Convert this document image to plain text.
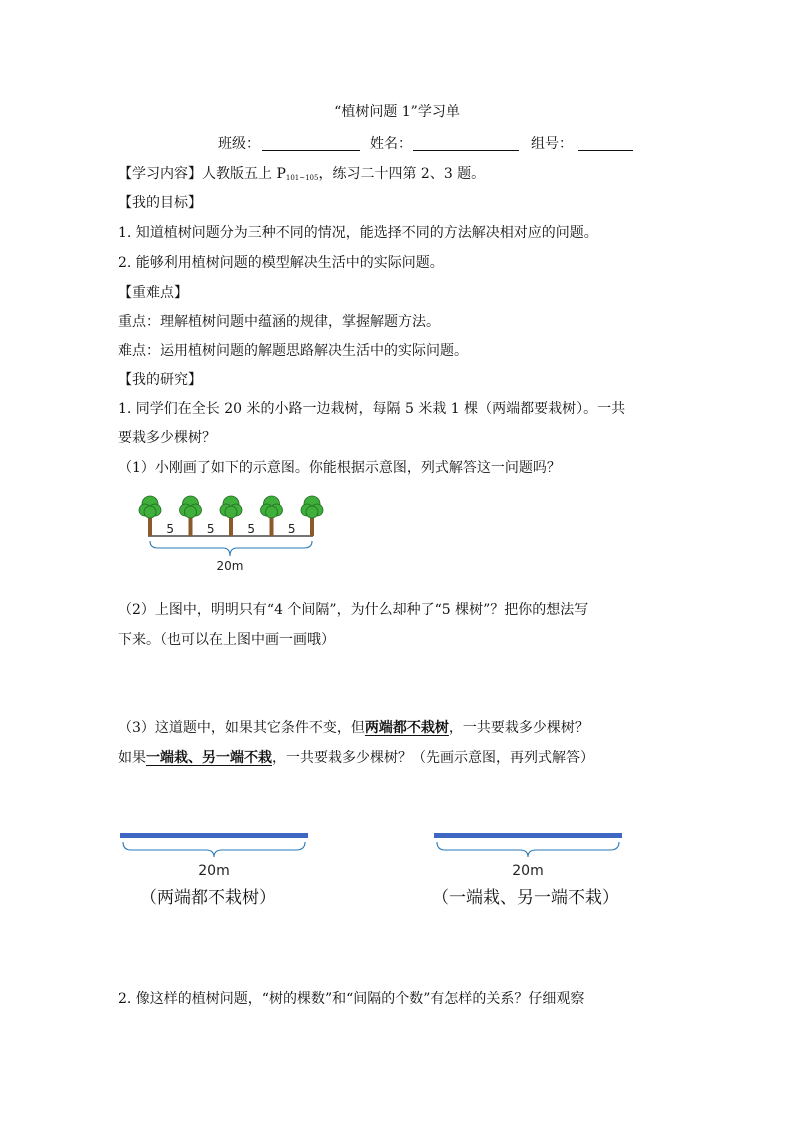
“植树问题 1”学习单
班级：	姓名：	组号：
【学习内容】人教版五上 $P_{101\sim 105}$，练习二十四第 2、3 题。
【我的目标】
1. 知道植树问题分为三种不同的情况，能选择不同的方法解决相对应的问题。
2. 能够利用植树问题的模型解决生活中的实际问题。
【重难点】
重点：理解植树问题中蕴涵的规律，掌握解题方法。
难点：运用植树问题的解题思路解决生活中的实际问题。
【我的研究】
1. 同学们在全长 20 米的小路一边栽树，每隔 5 米栽 1 棵（两端都要栽树）。一共
要栽多少棵树？
（1）小刚画了如下的示意图。你能根据示意图，列式解答这一问题吗？
5	5	5	5
20m
（2）上图中，明明只有“4 个间隔”，为什么却种了“5 棵树”？把你的想法写
下来。（也可以在上图中画一画哦）
（3）这道题中，如果其它条件不变，但两端都不栽树，一共要栽多少棵树？
如果一端栽、另一端不栽，一共要栽多少棵树？（先画示意图，再列式解答）
20m
（两端都不栽树）
20m
（一端栽、另一端不栽）
2. 像这样的植树问题，“树的棵数”和“间隔的个数”有怎样的关系？仔细观察
